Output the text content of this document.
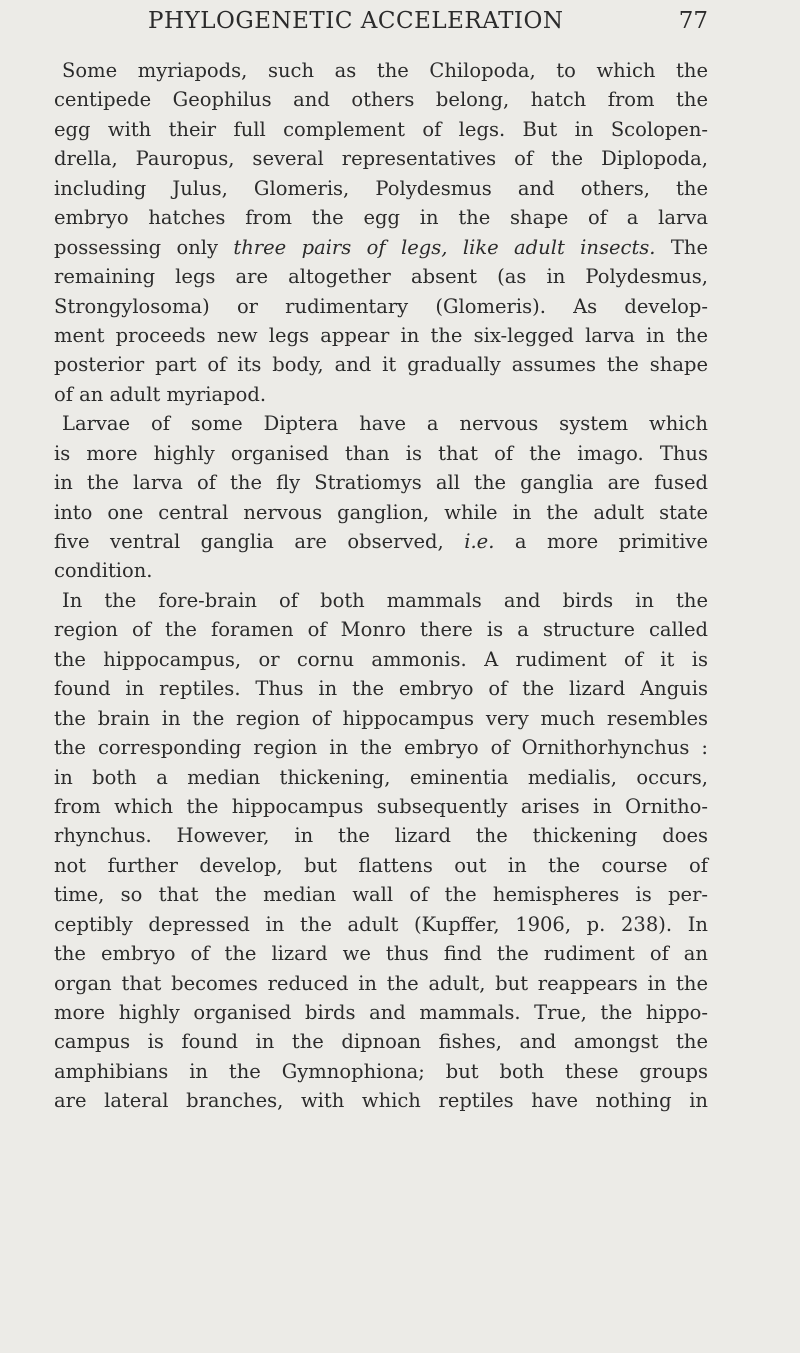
PHYLOGENETIC ACCELERATION	77
Some myriapods, such as the Chilopoda, to which the
centipede Geophilus and others belong, hatch from the
egg with their full complement of legs. But in Scolopen-
drella, Pauropus, several representatives of the Diplopoda,
including Julus, Glomeris, Polydesmus and others, the
embryo hatches from the egg in the shape of a larva
possessing only three pairs of legs, like adult insects. The
remaining legs are altogether absent (as in Polydesmus,
Strongylosoma) or rudimentary (Glomeris). As develop-
ment proceeds new legs appear in the six-legged larva in the
posterior part of its body, and it gradually assumes the shape
of an adult myriapod.
Larvae of some Diptera have a nervous system which
is more highly organised than is that of the imago. Thus
in the larva of the fly Stratiomys all the ganglia are fused
into one central nervous ganglion, while in the adult state
five ventral ganglia are observed, i.e. a more primitive
condition.
In the fore-brain of both mammals and birds in the
region of the foramen of Monro there is a structure called
the hippocampus, or cornu ammonis. A rudiment of it is
found in reptiles. Thus in the embryo of the lizard Anguis
the brain in the region of hippocampus very much resembles
the corresponding region in the embryo of Ornithorhynchus :
in both a median thickening, eminentia medialis, occurs,
from which the hippocampus subsequently arises in Ornitho-
rhynchus. However, in the lizard the thickening does
not further develop, but flattens out in the course of
time, so that the median wall of the hemispheres is per-
ceptibly depressed in the adult (Kupffer, 1906, p. 238). In
the embryo of the lizard we thus find the rudiment of an
organ that becomes reduced in the adult, but reappears in the
more highly organised birds and mammals. True, the hippo-
campus is found in the dipnoan fishes, and amongst the
amphibians in the Gymnophiona; but both these groups
are lateral branches, with which reptiles have nothing in
